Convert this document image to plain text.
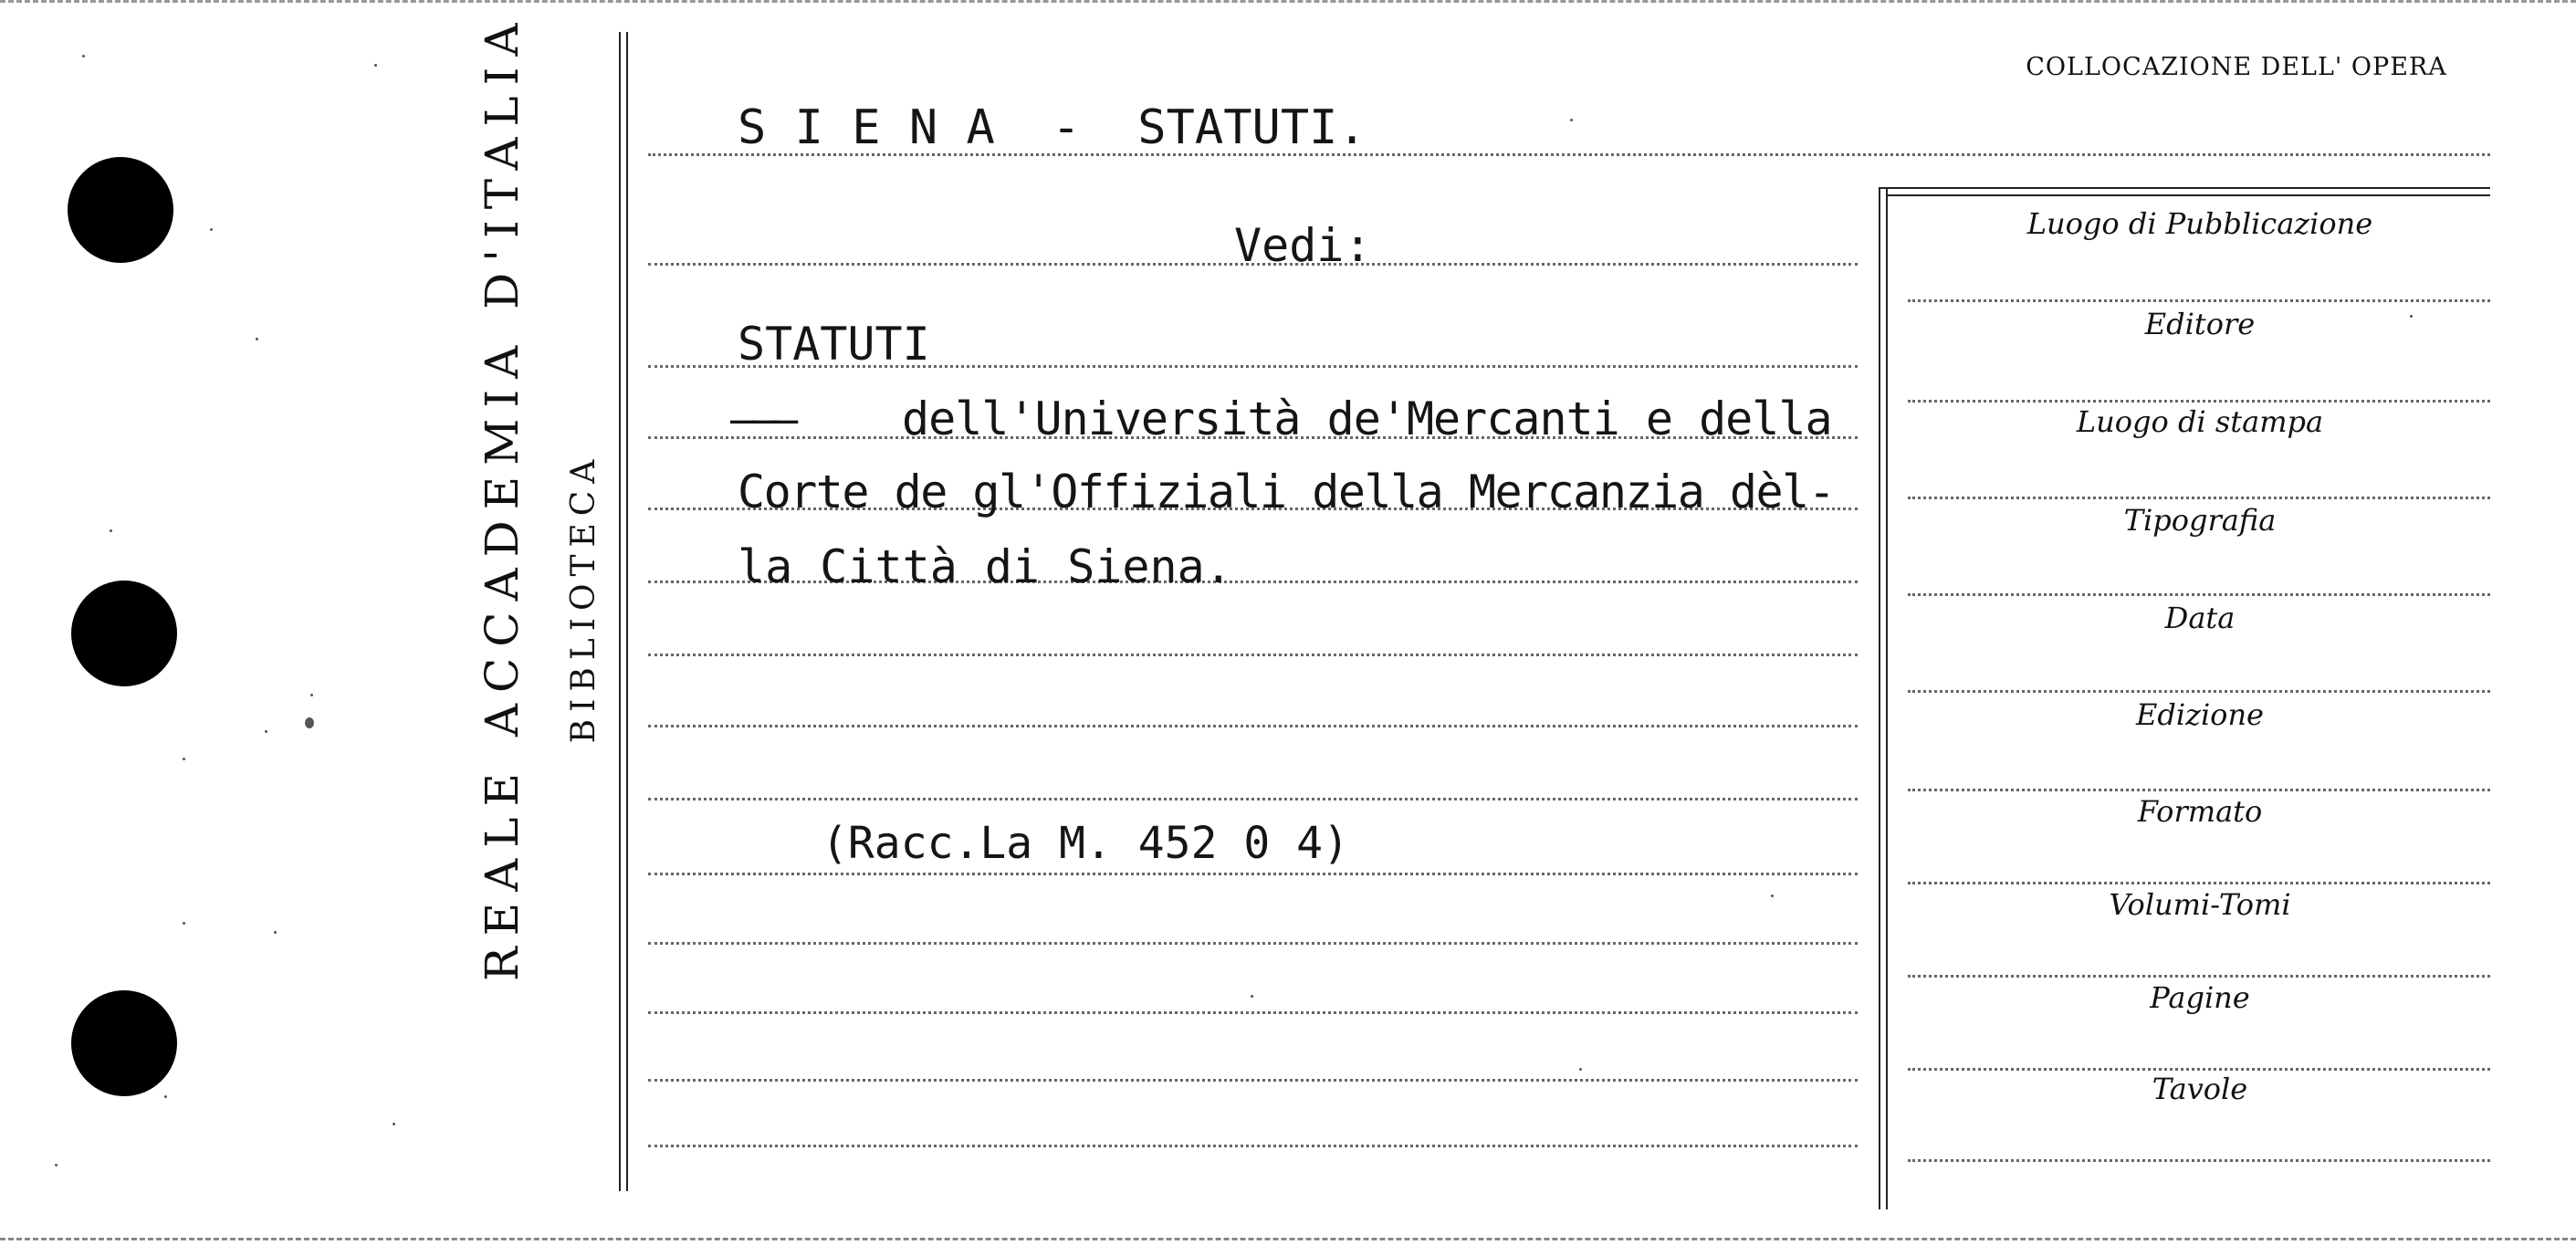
REALE ACCADEMIA D'ITALIA BIBLIOTECA
COLLOCAZIONE DELL' OPERA
S I E N A  -  STATUTI.
Vedi:
STATUTI
——— dell'Università de'Mercanti e della
Corte de gl'Offiziali della Mercanzia dèl-
la Città di Siena.
(Racc.La M. 452 0 4)
Luogo di Pubblicazione
Editore
Luogo di stampa
Tipografia
Data
Edizione
Formato
Volumi-Tomi
Pagine
Tavole
